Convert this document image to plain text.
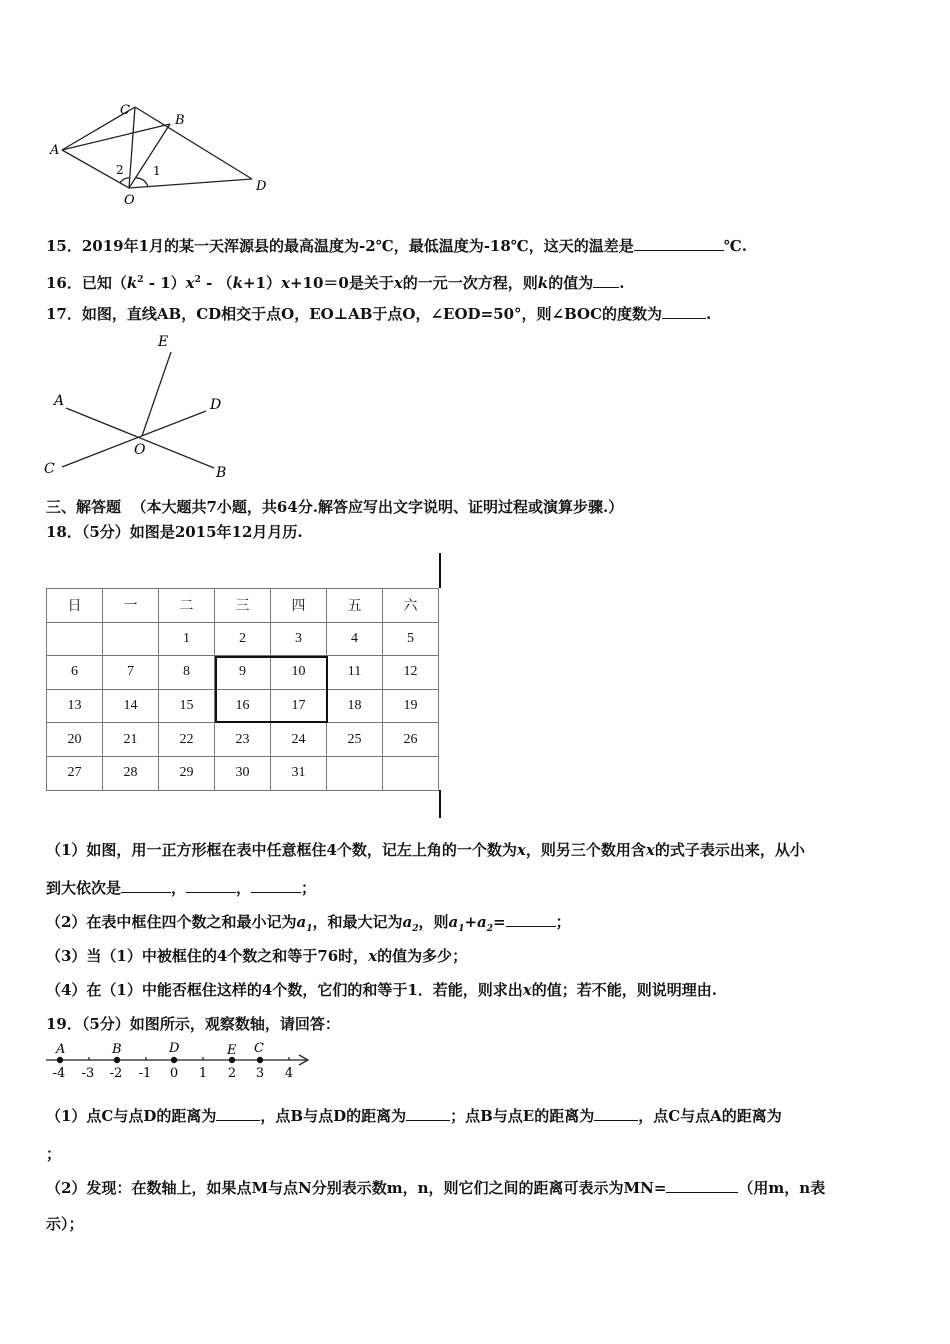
C
B
A
D
O
1
2
15．2019年1月的某一天浑源县的最高温度为-2℃，最低温度为-18℃，这天的温差是	℃.
16．已知$(k^2 - 1)x^2 - (k+1)x+10=0$是关于x的一元一次方程，则k的值为 .
17．如图，直线AB，CD相交于点O，EO⊥AB于点O，∠EOD=50°，则∠BOC的度数为	.
E
A	D
O
C	B
三、解答题 （本大题共7小题，共64分.解答应写出文字说明、证明过程或演算步骤.）
18．（5分）如图是2015年12月月历.
日	一	二	三	四	五	六
		1	2	3	4	5
6	7	8	9	10	11	12
13	14	15	16	17	18	19
20	21	22	23	24	25	26
27	28	29	30	31		
（1）如图，用一正方形框在表中任意框住4个数，记左上角的一个数为x，则另三个数用含x的式子表示出来，从小
到大依次是	，	，	；
（2）在表中框住四个数之和最小记为$a_1$，和最大记为$a_2$，则$a_1+a_2=$	；
（3）当（1）中被框住的4个数之和等于76时，x的值为多少；
（4）在（1）中能否框住这样的4个数，它们的和等于1．若能，则求出x的值；若不能，则说明理由.
19．（5分）如图所示，观察数轴，请回答：
A	B	D	E C
-4 -3 -2 -1 0 1 2 3 4
（1）点C与点D的距离为	，点B与点D的距离为	；点B与点E的距离为	，点C与点A的距离为
；
（2）发现：在数轴上，如果点M与点N分别表示数m，n，则它们之间的距离可表示为MN=	（用m，n表
示）；
